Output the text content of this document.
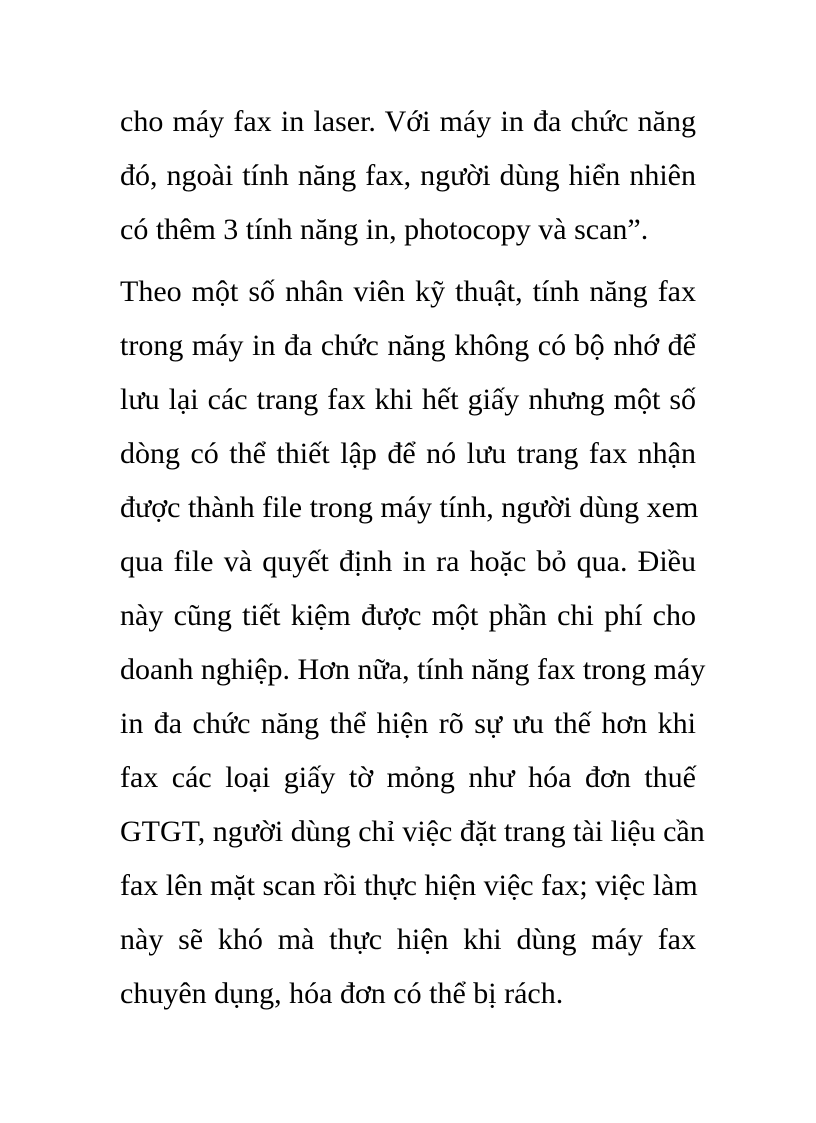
cho máy fax in laser. Với máy in đa chức năng
đó, ngoài tính năng fax, người dùng hiển nhiên
có thêm 3 tính năng in, photocopy và scan”.
Theo một số nhân viên kỹ thuật, tính năng fax
trong máy in đa chức năng không có bộ nhớ để
lưu lại các trang fax khi hết giấy nhưng một số
dòng có thể thiết lập để nó lưu trang fax nhận
được thành file trong máy tính, người dùng xem
qua file và quyết định in ra hoặc bỏ qua. Điều
này cũng tiết kiệm được một phần chi phí cho
doanh nghiệp. Hơn nữa, tính năng fax trong máy
in đa chức năng thể hiện rõ sự ưu thế hơn khi
fax các loại giấy tờ mỏng như hóa đơn thuế
GTGT, người dùng chỉ việc đặt trang tài liệu cần
fax lên mặt scan rồi thực hiện việc fax; việc làm
này sẽ khó mà thực hiện khi dùng máy fax
chuyên dụng, hóa đơn có thể bị rách.
